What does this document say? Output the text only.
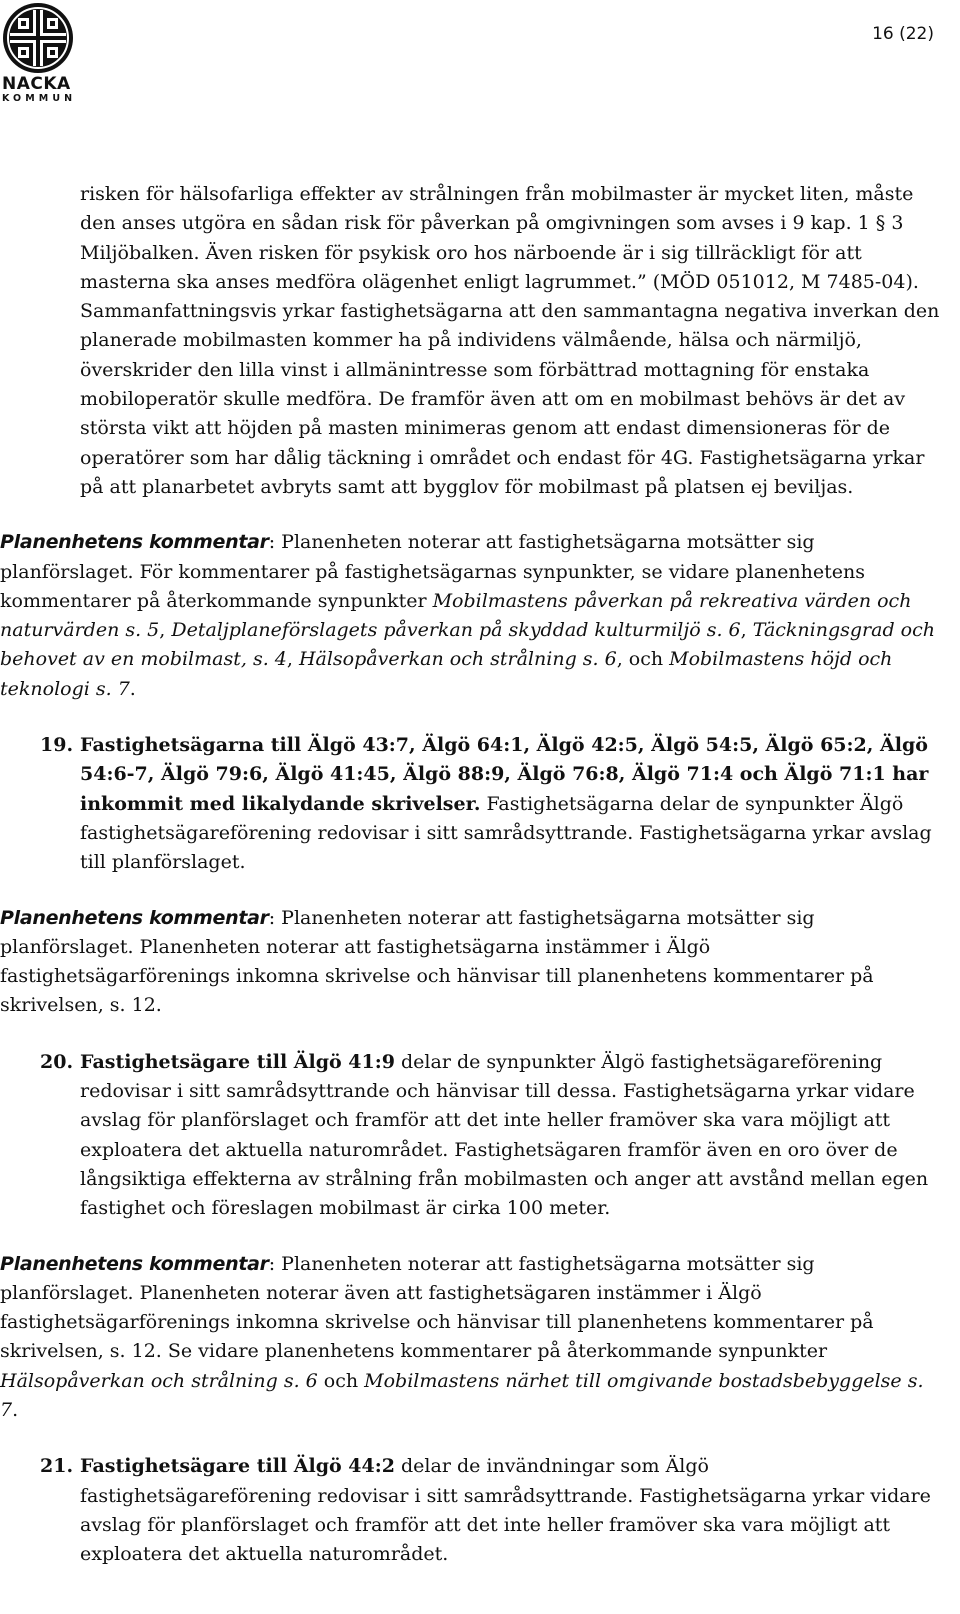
NACKA
KOMMUN
16 (22)

risken för hälsofarliga effekter av strålningen från mobilmaster är mycket liten, måste den anses utgöra en sådan risk för påverkan på omgivningen som avses i 9 kap. 1 § 3 Miljöbalken. Även risken för psykisk oro hos närboende är i sig tillräckligt för att masterna ska anses medföra olägenhet enligt lagrummet.” (MÖD 051012, M 7485-04). Sammanfattningsvis yrkar fastighetsägarna att den sammantagna negativa inverkan den planerade mobilmasten kommer ha på individens välmående, hälsa och närmiljö, överskrider den lilla vinst i allmänintresse som förbättrad mottagning för enstaka mobiloperatör skulle medföra. De framför även att om en mobilmast behövs är det av största vikt att höjden på masten minimeras genom att endast dimensioneras för de operatörer som har dålig täckning i området och endast för 4G. Fastighetsägarna yrkar på att planarbetet avbryts samt att bygglov för mobilmast på platsen ej beviljas.

Planenhetens kommentar: Planenheten noterar att fastighetsägarna motsätter sig planförslaget. För kommentarer på fastighetsägarnas synpunkter, se vidare planenhetens kommentarer på återkommande synpunkter Mobilmastens påverkan på rekreativa värden och naturvärden s. 5, Detaljplaneförslagets påverkan på skyddad kulturmiljö s. 6, Täckningsgrad och behovet av en mobilmast, s. 4, Hälsopåverkan och strålning s. 6, och Mobilmastens höjd och teknologi s. 7.

19. Fastighetsägarna till Älgö 43:7, Älgö 64:1, Älgö 42:5, Älgö 54:5, Älgö 65:2, Älgö 54:6-7, Älgö 79:6, Älgö 41:45, Älgö 88:9, Älgö 76:8, Älgö 71:4 och Älgö 71:1 har inkommit med likalydande skrivelser. Fastighetsägarna delar de synpunkter Älgö fastighetsägareförening redovisar i sitt samrådsyttrande. Fastighetsägarna yrkar avslag till planförslaget.

Planenhetens kommentar: Planenheten noterar att fastighetsägarna motsätter sig planförslaget. Planenheten noterar att fastighetsägarna instämmer i Älgö fastighetsägarförenings inkomna skrivelse och hänvisar till planenhetens kommentarer på skrivelsen, s. 12.

20. Fastighetsägare till Älgö 41:9 delar de synpunkter Älgö fastighetsägareförening redovisar i sitt samrådsyttrande och hänvisar till dessa. Fastighetsägarna yrkar vidare avslag för planförslaget och framför att det inte heller framöver ska vara möjligt att exploatera det aktuella naturområdet. Fastighetsägaren framför även en oro över de långsiktiga effekterna av strålning från mobilmasten och anger att avstånd mellan egen fastighet och föreslagen mobilmast är cirka 100 meter.

Planenhetens kommentar: Planenheten noterar att fastighetsägarna motsätter sig planförslaget. Planenheten noterar även att fastighetsägaren instämmer i Älgö fastighetsägarförenings inkomna skrivelse och hänvisar till planenhetens kommentarer på skrivelsen, s. 12. Se vidare planenhetens kommentarer på återkommande synpunkter Hälsopåverkan och strålning s. 6 och Mobilmastens närhet till omgivande bostadsbebyggelse s. 7.

21. Fastighetsägare till Älgö 44:2 delar de invändningar som Älgö fastighetsägareförening redovisar i sitt samrådsyttrande. Fastighetsägarna yrkar vidare avslag för planförslaget och framför att det inte heller framöver ska vara möjligt att exploatera det aktuella naturområdet.
